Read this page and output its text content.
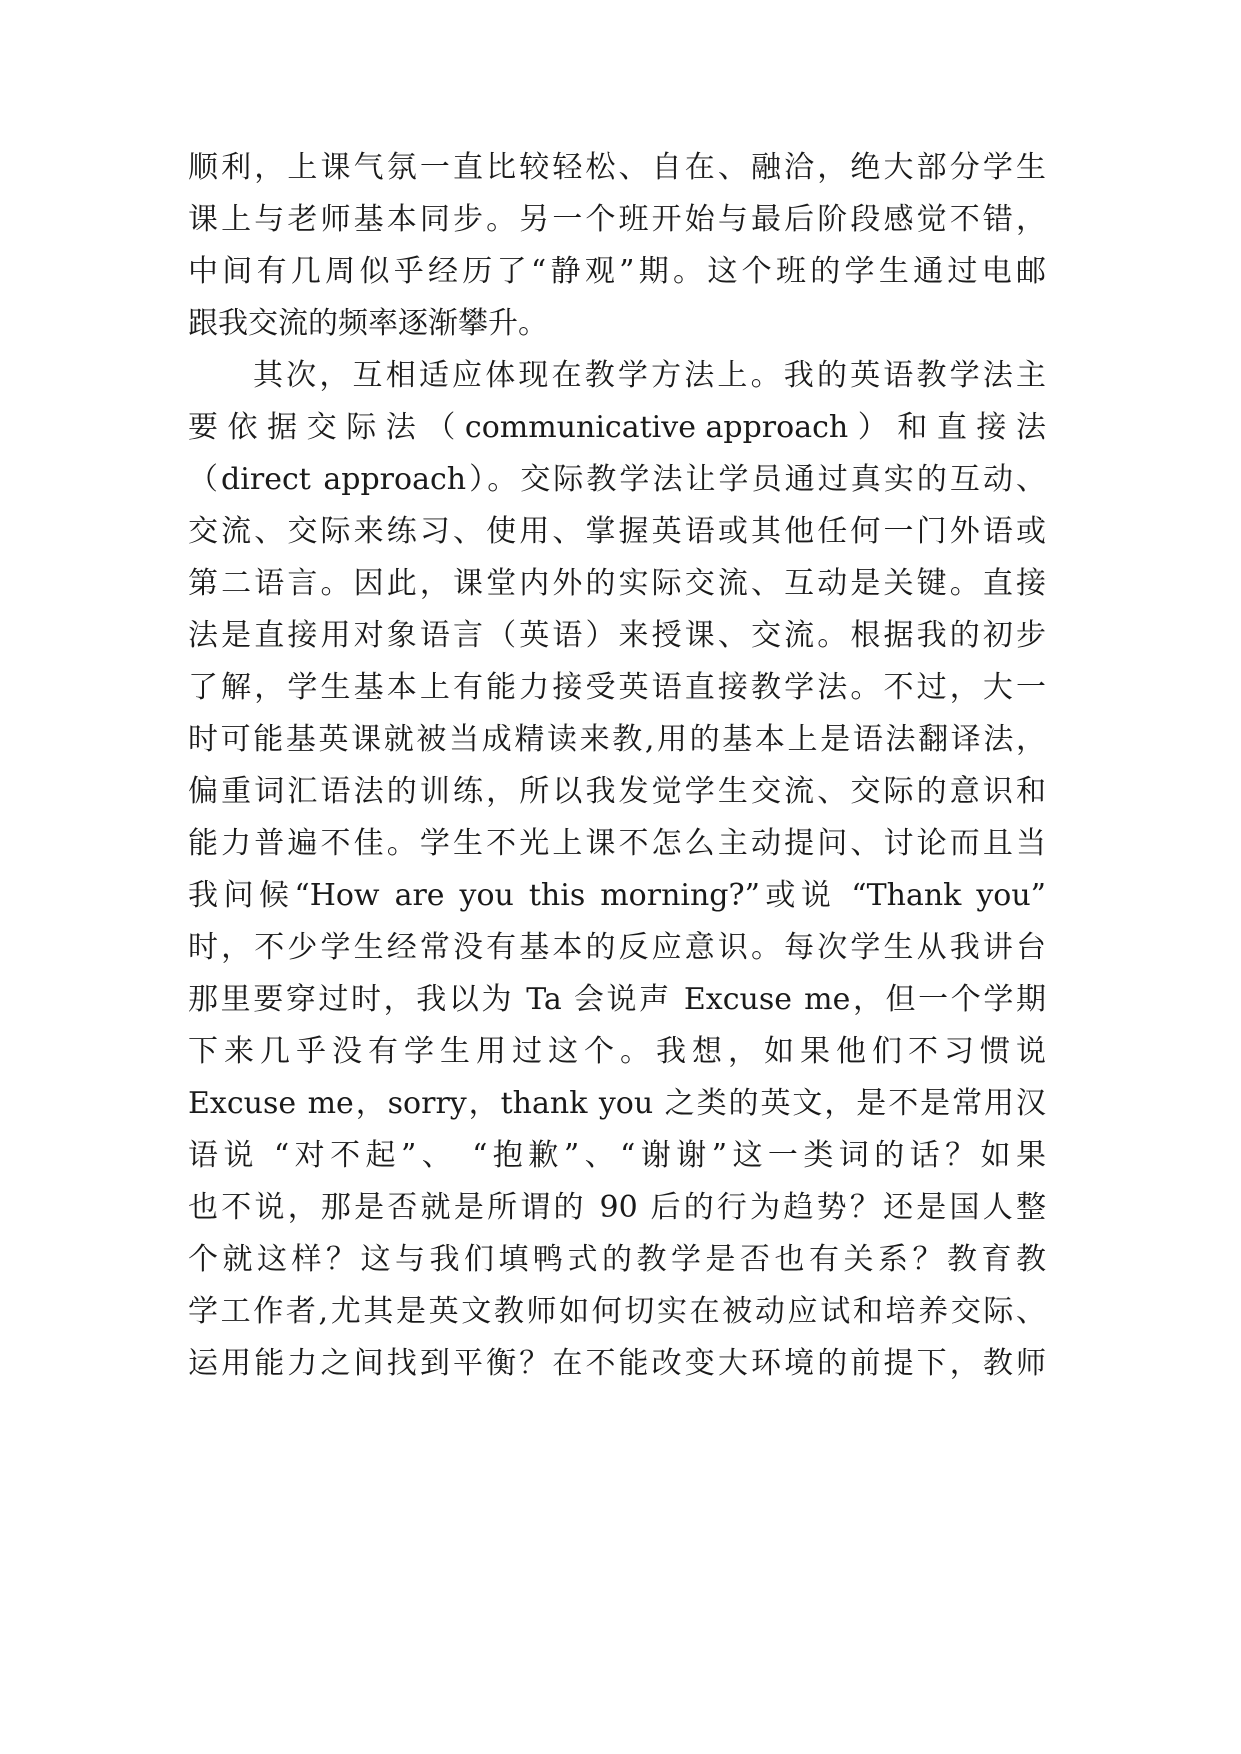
顺利，上课气氛一直比较轻松、自在、融洽，绝大部分学生
课上与老师基本同步。另一个班开始与最后阶段感觉不错，
中间有几周似乎经历了“静观”期。这个班的学生通过电邮
跟我交流的频率逐渐攀升。
其次，互相适应体现在教学方法上。我的英语教学法主
要 依 据 交 际 法 （ communicative approach ） 和 直 接 法
（direct approach）。交际教学法让学员通过真实的互动、
交流、交际来练习、使用、掌握英语或其他任何一门外语或
第二语言。因此，课堂内外的实际交流、互动是关键。直接
法是直接用对象语言（英语）来授课、交流。根据我的初步
了解，学生基本上有能力接受英语直接教学法。不过，大一
时可能基英课就被当成精读来教,用的基本上是语法翻译法，
偏重词汇语法的训练，所以我发觉学生交流、交际的意识和
能力普遍不佳。学生不光上课不怎么主动提问、讨论而且当
我问候“How are you this morning?”或说 “Thank you”
时，不少学生经常没有基本的反应意识。每次学生从我讲台
那里要穿过时，我以为 Ta 会说声 Excuse me，但一个学期
下来几乎没有学生用过这个。我想，如果他们不习惯说
Excuse me，sorry，thank you 之类的英文，是不是常用汉
语说 “对不起”、 “抱歉”、“谢谢”这一类词的话？如果
也不说，那是否就是所谓的 90 后的行为趋势？还是国人整
个就这样？这与我们填鸭式的教学是否也有关系？教育教
学工作者,尤其是英文教师如何切实在被动应试和培养交际、
运用能力之间找到平衡？在不能改变大环境的前提下，教师
